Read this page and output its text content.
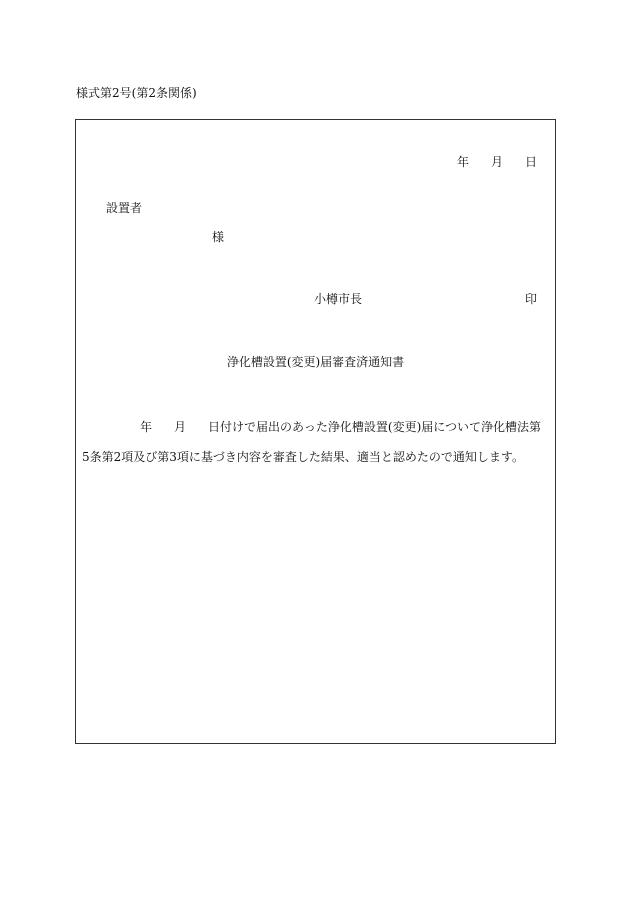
様式第2号(第2条関係)
年 月 日
設置者
様
小樽市長	印
浄化槽設置(変更)届審査済通知書
年 月 日付けで届出のあった浄化槽設置(変更)届について浄化槽法第5条第2項及び第3項に基づき内容を審査した結果、適当と認めたので通知します。
